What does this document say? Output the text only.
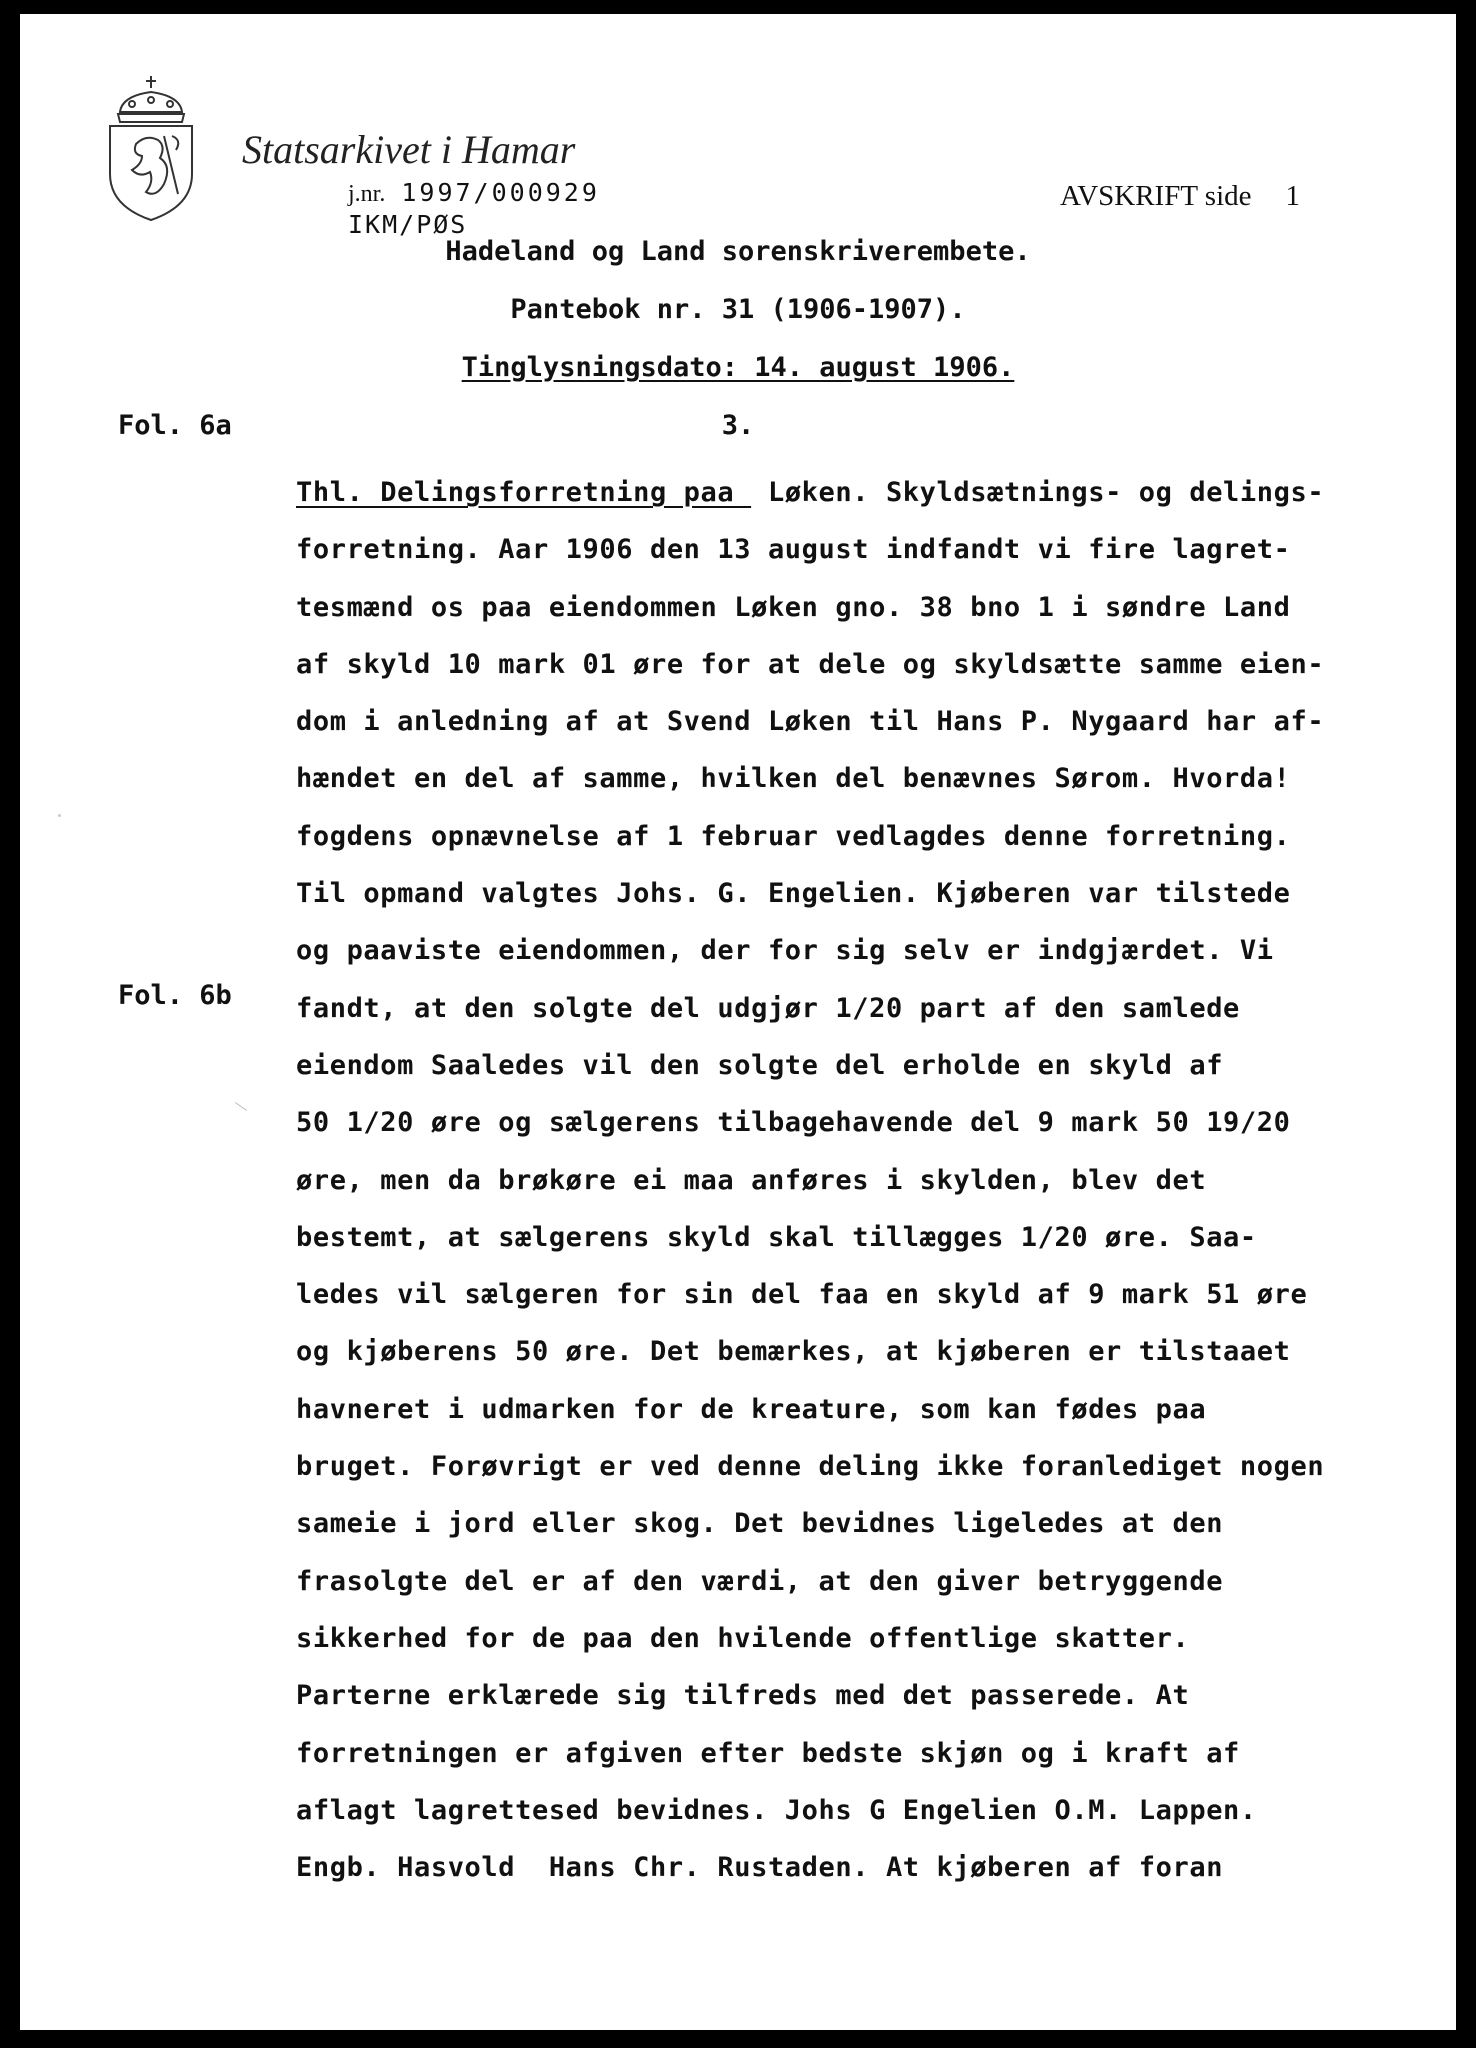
Statsarkivet i Hamar
j.nr. 1997/000929
IKM/PØS
AVSKRIFT side 1
Hadeland og Land sorenskriverembete.
Pantebok nr. 31 (1906-1907).
Tinglysningsdato: 14. august 1906.
Fol. 6a	3.
Fol. 6b
Thl. Delingsforretning paa  Løken. Skyldsætnings- og delings-
forretning. Aar 1906 den 13 august indfandt vi fire lagret-
tesmænd os paa eiendommen Løken gno. 38 bno 1 i søndre Land
af skyld 10 mark 01 øre for at dele og skyldsætte samme eien-
dom i anledning af at Svend Løken til Hans P. Nygaard har af-
hændet en del af samme, hvilken del benævnes Sørom. Hvorda!
fogdens opnævnelse af 1 februar vedlagdes denne forretning.
Til opmand valgtes Johs. G. Engelien. Kjøberen var tilstede
og paaviste eiendommen, der for sig selv er indgjærdet. Vi
fandt, at den solgte del udgjør 1/20 part af den samlede
eiendom Saaledes vil den solgte del erholde en skyld af
50 1/20 øre og sælgerens tilbagehavende del 9 mark 50 19/20
øre, men da brøkøre ei maa anføres i skylden, blev det
bestemt, at sælgerens skyld skal tillægges 1/20 øre. Saa-
ledes vil sælgeren for sin del faa en skyld af 9 mark 51 øre
og kjøberens 50 øre. Det bemærkes, at kjøberen er tilstaaet
havneret i udmarken for de kreature, som kan fødes paa
bruget. Forøvrigt er ved denne deling ikke foranlediget nogen
sameie i jord eller skog. Det bevidnes ligeledes at den
frasolgte del er af den værdi, at den giver betryggende
sikkerhed for de paa den hvilende offentlige skatter.
Parterne erklærede sig tilfreds med det passerede. At
forretningen er afgiven efter bedste skjøn og i kraft af
aflagt lagrettesed bevidnes. Johs G Engelien O.M. Lappen.
Engb. Hasvold  Hans Chr. Rustaden. At kjøberen af foran
